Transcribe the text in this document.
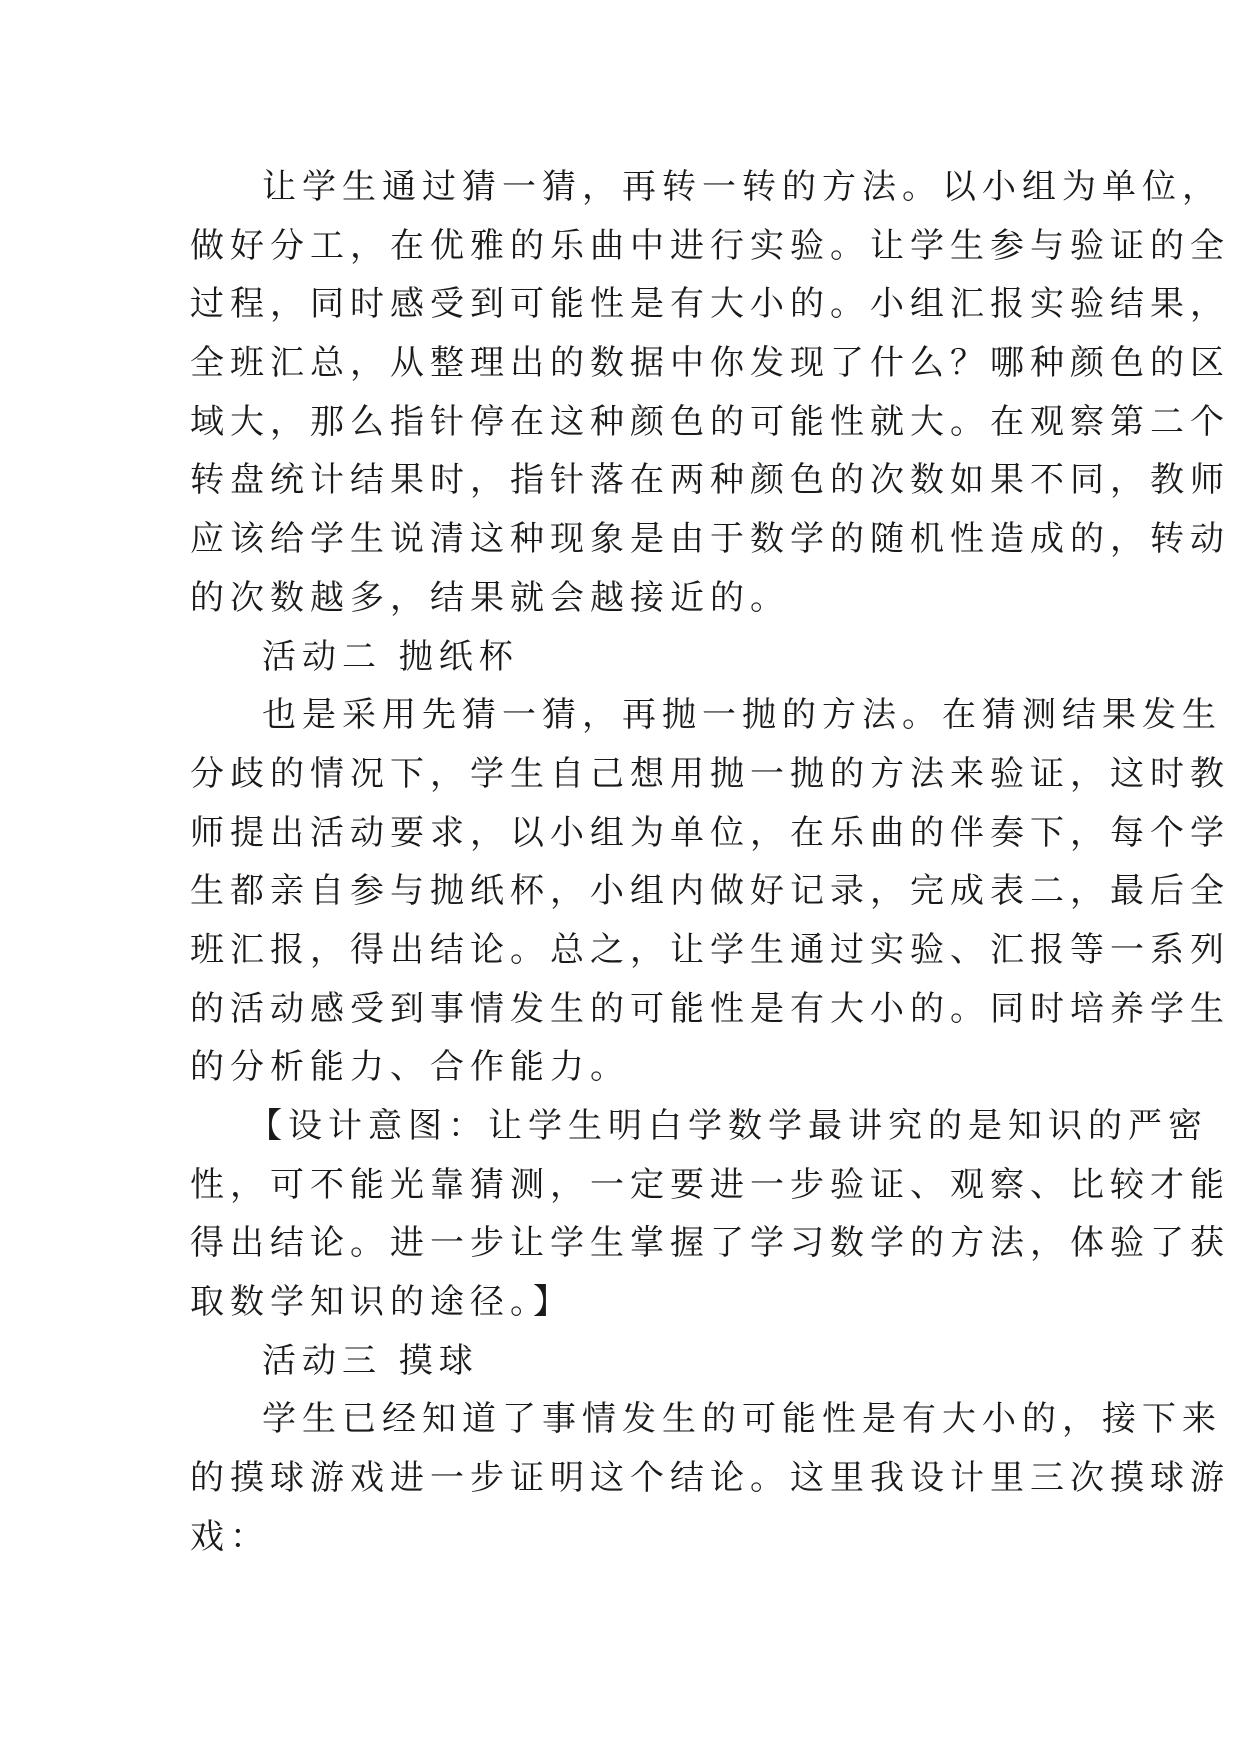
让学生通过猜一猜，再转一转的方法。以小组为单位，
做好分工，在优雅的乐曲中进行实验。让学生参与验证的全
过程，同时感受到可能性是有大小的。小组汇报实验结果，
全班汇总，从整理出的数据中你发现了什么？哪种颜色的区
域大，那么指针停在这种颜色的可能性就大。在观察第二个
转盘统计结果时，指针落在两种颜色的次数如果不同，教师
应该给学生说清这种现象是由于数学的随机性造成的，转动
的次数越多，结果就会越接近的。
活动二 抛纸杯
也是采用先猜一猜，再抛一抛的方法。在猜测结果发生
分歧的情况下，学生自己想用抛一抛的方法来验证，这时教
师提出活动要求，以小组为单位，在乐曲的伴奏下，每个学
生都亲自参与抛纸杯，小组内做好记录，完成表二，最后全
班汇报，得出结论。总之，让学生通过实验、汇报等一系列
的活动感受到事情发生的可能性是有大小的。同时培养学生
的分析能力、合作能力。
【设计意图：让学生明白学数学最讲究的是知识的严密
性，可不能光靠猜测，一定要进一步验证、观察、比较才能
得出结论。进一步让学生掌握了学习数学的方法，体验了获
取数学知识的途径。】
活动三 摸球
学生已经知道了事情发生的可能性是有大小的，接下来
的摸球游戏进一步证明这个结论。这里我设计里三次摸球游
戏：
